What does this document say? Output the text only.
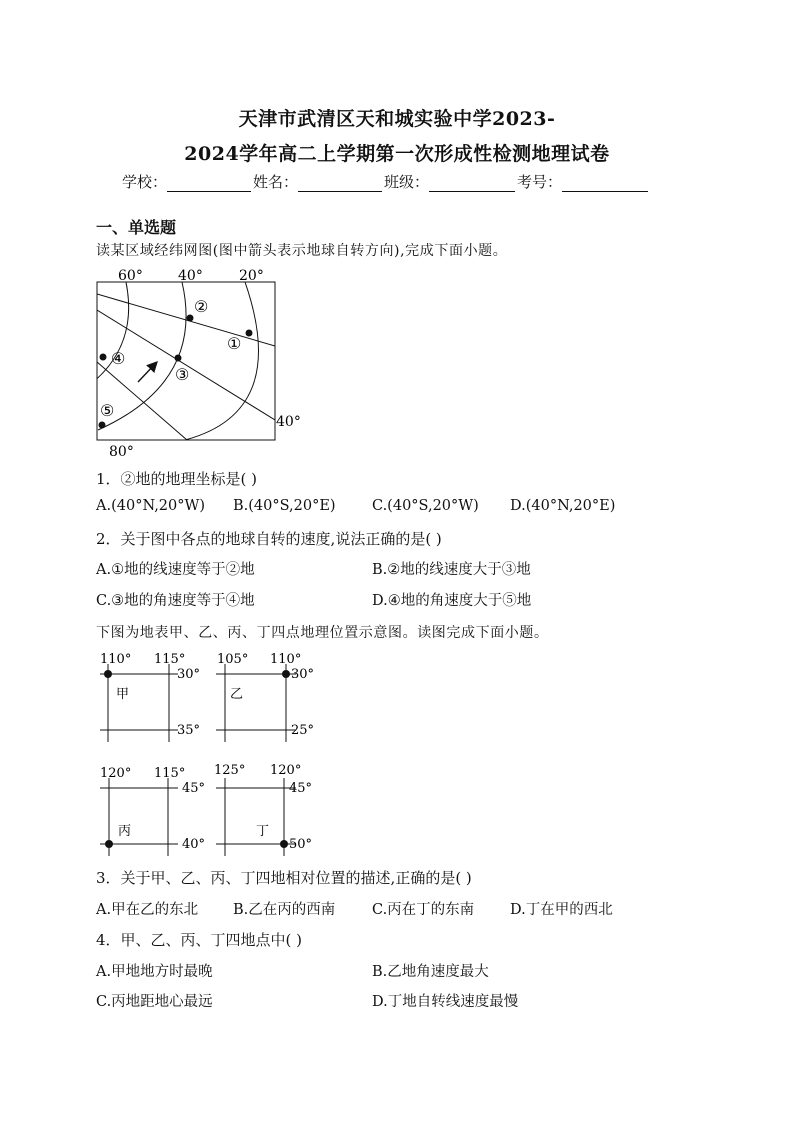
天津市武清区天和城实验中学2023-
2024学年高二上学期第一次形成性检测地理试卷
学校：	姓名：	班级：	考号：
一、单选题
读某区域经纬网图(图中箭头表示地球自转方向),完成下面小题。
60°	40°	20°
40°
80°
①
②
③
④
⑤
1．②地的地理坐标是( )
A.(40°N,20°W) B.(40°S,20°E)	C.(40°S,20°W) D.(40°N,20°E)
2．关于图中各点的地球自转的速度,说法正确的是( )
A.①地的线速度等于②地	B.②地的线速度大于③地
C.③地的角速度等于④地	D.④地的角速度大于⑤地
下图为地表甲、乙、丙、丁四点地理位置示意图。读图完成下面小题。
110° 115°
30°
35°
甲
105° 110°
30°
25°
乙
120° 115°
45°
40°
丙
125° 120°
45°
50°
丁
3．关于甲、乙、丙、丁四地相对位置的描述,正确的是( )
A.甲在乙的东北 B.乙在丙的西南	C.丙在丁的东南 D.丁在甲的西北
4．甲、乙、丙、丁四地点中( )
A.甲地地方时最晚	B.乙地角速度最大
C.丙地距地心最远	D.丁地自转线速度最慢
